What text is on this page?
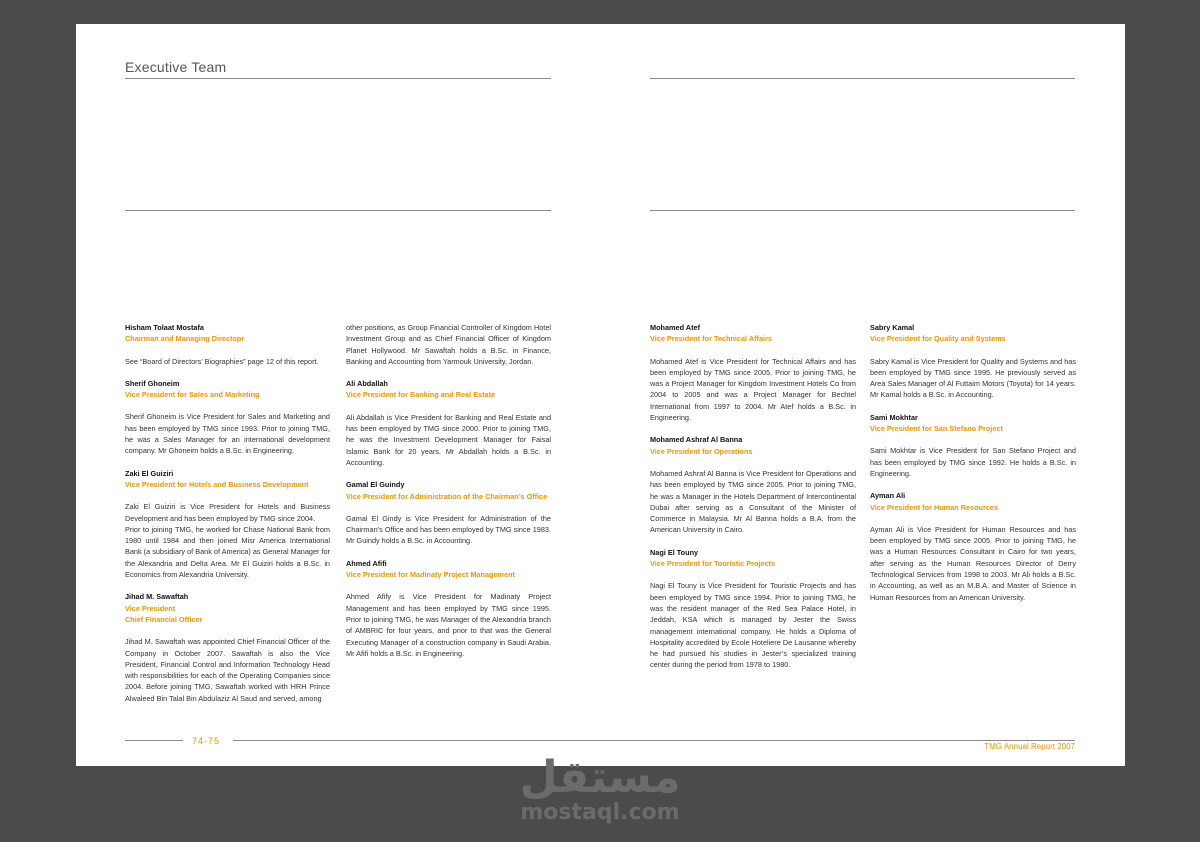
Executive Team
Hisham Tolaat Mostafa
Chairman and Managing Directopr
See “Board of Directors’ Biographies” page 12 of this report.
Sherif Ghoneim
Vice President for Sales and Marketing
Sherif Ghoneim is Vice President for Sales and Marketing and has been employed by TMG since 1993. Prior to joining TMG, he was a Sales Manager for an international development company. Mr Ghoneim holds a B.Sc. in Engineering.
Zaki El Guiziri
Vice President for Hotels and Business Development
Zaki El Guiziri is Vice President for Hotels and Business Development and has been employed by TMG since 2004.
Prior to joining TMG, he worked for Chase National Bank from 1980 until 1984 and then joined Misr America International Bank (a subsidiary of Bank of America) as General Manager for the Alexandria and Delta Area. Mr El Guiziri holds a B.Sc. in Economics from Alexandria University.
Jihad M. Sawaftah
Vice President
Chief Financial Officer
Jihad M. Sawaftah was appointed Chief Financial Officer of the Company in October 2007. Sawaftah is also the Vice President, Financial Control and Information Technology Head with responsibilities for each of the Operating Companies since 2004. Before joining TMG, Sawaftah worked with HRH Prince Alwaleed Bin Talal Bin Abdulaziz Al Saud and served, among
other positions, as Group Financial Controller of Kingdom Hotel Investment Group and as Chief Financial Officer of Kingdom Planet Hollywood. Mr Sawaftah holds a B.Sc. in Finance, Banking and Accounting from Yarmouk University, Jordan.
Ali Abdallah
Vice President for Banking and Real Estate
Ali Abdallah is Vice President for Banking and Real Estate and has been employed by TMG since 2000. Prior to joining TMG, he was the Investment Development Manager for Faisal Islamic Bank for 20 years. Mr Abdallah holds a B.Sc. in Accounting.
Gamal El Guindy
Vice President for Administration of the Chairman’s Office
Gamal El Gindy is Vice President for Administration of the Chairman’s Office and has been employed by TMG since 1983. Mr Guindy holds a B.Sc. in Accounting.
Ahmed Afifi
Vice President for Madinaty Project Management
Ahmed Afify is Vice President for Madinaty Project Management and has been employed by TMG since 1995. Prior to joining TMG, he was Manager of the Alexandria branch of AMBRIC for four years, and prior to that was the General Executing Manager of a construction company in Saudi Arabia. Mr Afifi holds a B.Sc. in Engineering.
Mohamed Atef
Vice President for Technical Affairs
Mohamed Atef is Vice President for Technical Affairs and has been employed by TMG since 2005. Prior to joining TMG, he was a Project Manager for Kingdom Investment Hotels Co from 2004 to 2005 and was a Project Manager for Bechtel International from 1997 to 2004. Mr Atef holds a B.Sc. in Engineering.
Mohamed Ashraf Al Banna
Vice President for Operations
Mohamed Ashraf Al Banna is Vice President for Operations and has been employed by TMG since 2005. Prior to joining TMG, he was a Manager in the Hotels Department of Intercontinental Dubai after serving as a Consultant of the Minister of Commerce in Malaysia. Mr Al Banna holds a B.A. from the American University in Cairo.
Nagi El Touny
Vice President for Touristic Projects
Nagi El Touny is Vice President for Touristic Projects and has been employed by TMG since 1994. Prior to joining TMG, he was the resident manager of the Red Sea Palace Hotel, in Jeddah, KSA which is managed by Jester the Swiss management international company. He holds a Diploma of Hospitality accredited by Ecole Hoteliere De Lausanne whereby he had pursued his studies in Jester’s specialized training center during the period from 1978 to 1980.
Sabry Kamal
Vice President for Quality and Systems
Sabry Kamal is Vice President for Quality and Systems and has been employed by TMG since 1995. He previously served as Area Sales Manager of Al Futtaim Motors (Toyota) for 14 years. Mr Kamal holds a B.Sc. in Accounting.
Sami Mokhtar
Vice President for San Stefano Project
Sami Mokhtar is Vice President for San Stefano Project and has been employed by TMG since 1992. He holds a B.Sc. in Engineering.
Ayman Ali
Vice President for Human Resources
Ayman Ali is Vice President for Human Resources and has been employed by TMG since 2005. Prior to joining TMG, he was a Human Resources Consultant in Cairo for two years, after serving as the Human Resources Director of Derry Technological Services from 1998 to 2003. Mr Ali holds a B.Sc. in Accounting, as well as an M.B.A. and Master of Science in Human Resources from an American University.
74-75
TMG Annual Report 2007
مستقل
mostaql.com
